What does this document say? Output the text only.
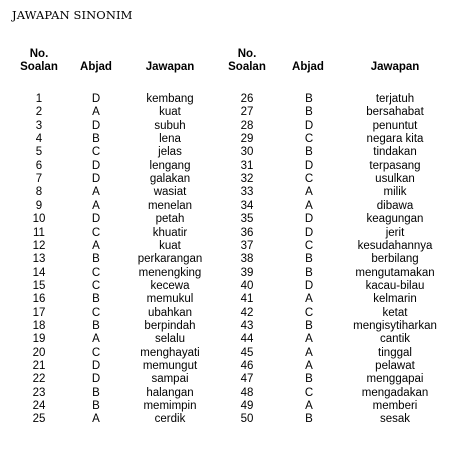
JAWAPAN SINONIM
No.
Soalan	Abjad	Jawapan
No.
Soalan	Abjad	Jawapan
1	D	kembang	26	B	terjatuh
2	A	kuat	27	B	bersahabat
3	D	subuh	28	D	penuntut
4	B	lena	29	C	negara kita
5	C	jelas	30	B	tindakan
6	D	lengang	31	D	terpasang
7	D	galakan	32	C	usulkan
8	A	wasiat	33	A	milik
9	A	menelan	34	A	dibawa
10	D	petah	35	D	keagungan
11	C	khuatir	36	D	jerit
12	A	kuat	37	C	kesudahannya
13	B	perkarangan	38	B	berbilang
14	C	menengking	39	B	mengutamakan
15	C	kecewa	40	D	kacau-bilau
16	B	memukul	41	A	kelmarin
17	C	ubahkan	42	C	ketat
18	B	berpindah	43	B	mengisytiharkan
19	A	selalu	44	A	cantik
20	C	menghayati	45	A	tinggal
21	D	memungut	46	A	pelawat
22	D	sampai	47	B	menggapai
23	B	halangan	48	C	mengadakan
24	B	memimpin	49	A	memberi
25	A	cerdik	50	B	sesak
